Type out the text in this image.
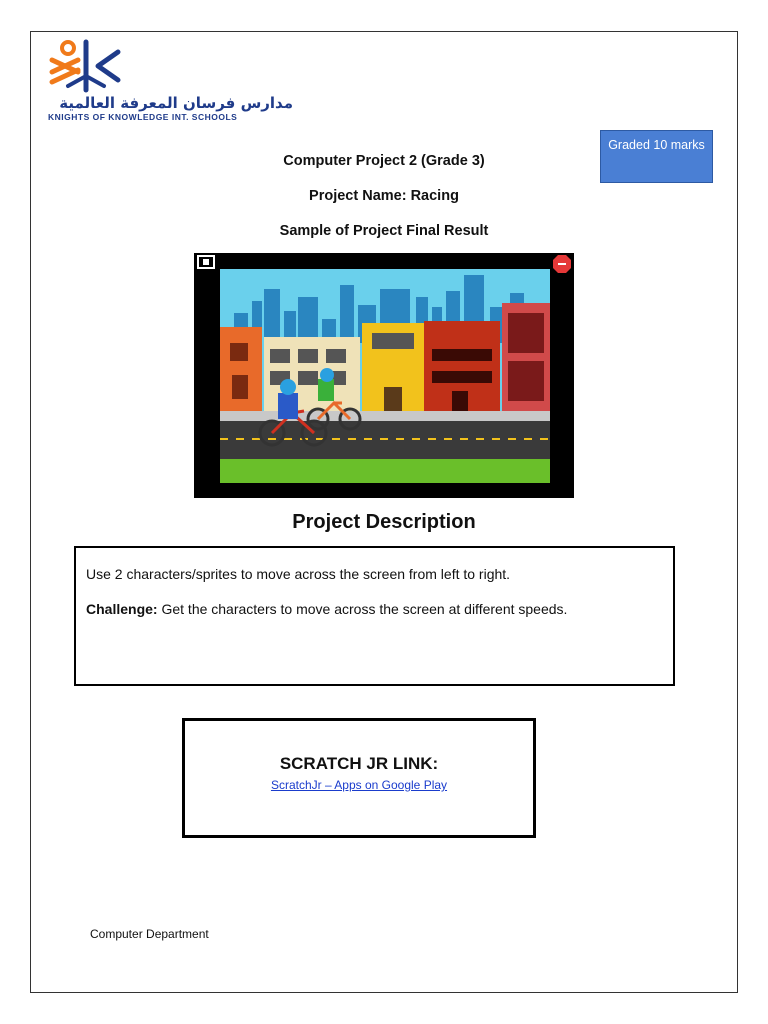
مدارس فرسان المعرفة العالمية
KNIGHTS OF KNOWLEDGE INT. SCHOOLS
Graded 10 marks
Computer Project 2 (Grade 3)
Project Name: Racing
Sample of Project Final Result
Project Description

Use 2 characters/sprites to move across the screen from left to right.

Challenge: Get the characters to move across the screen at different speeds.

SCRATCH JR LINK:
ScratchJr – Apps on Google Play
Computer Department
